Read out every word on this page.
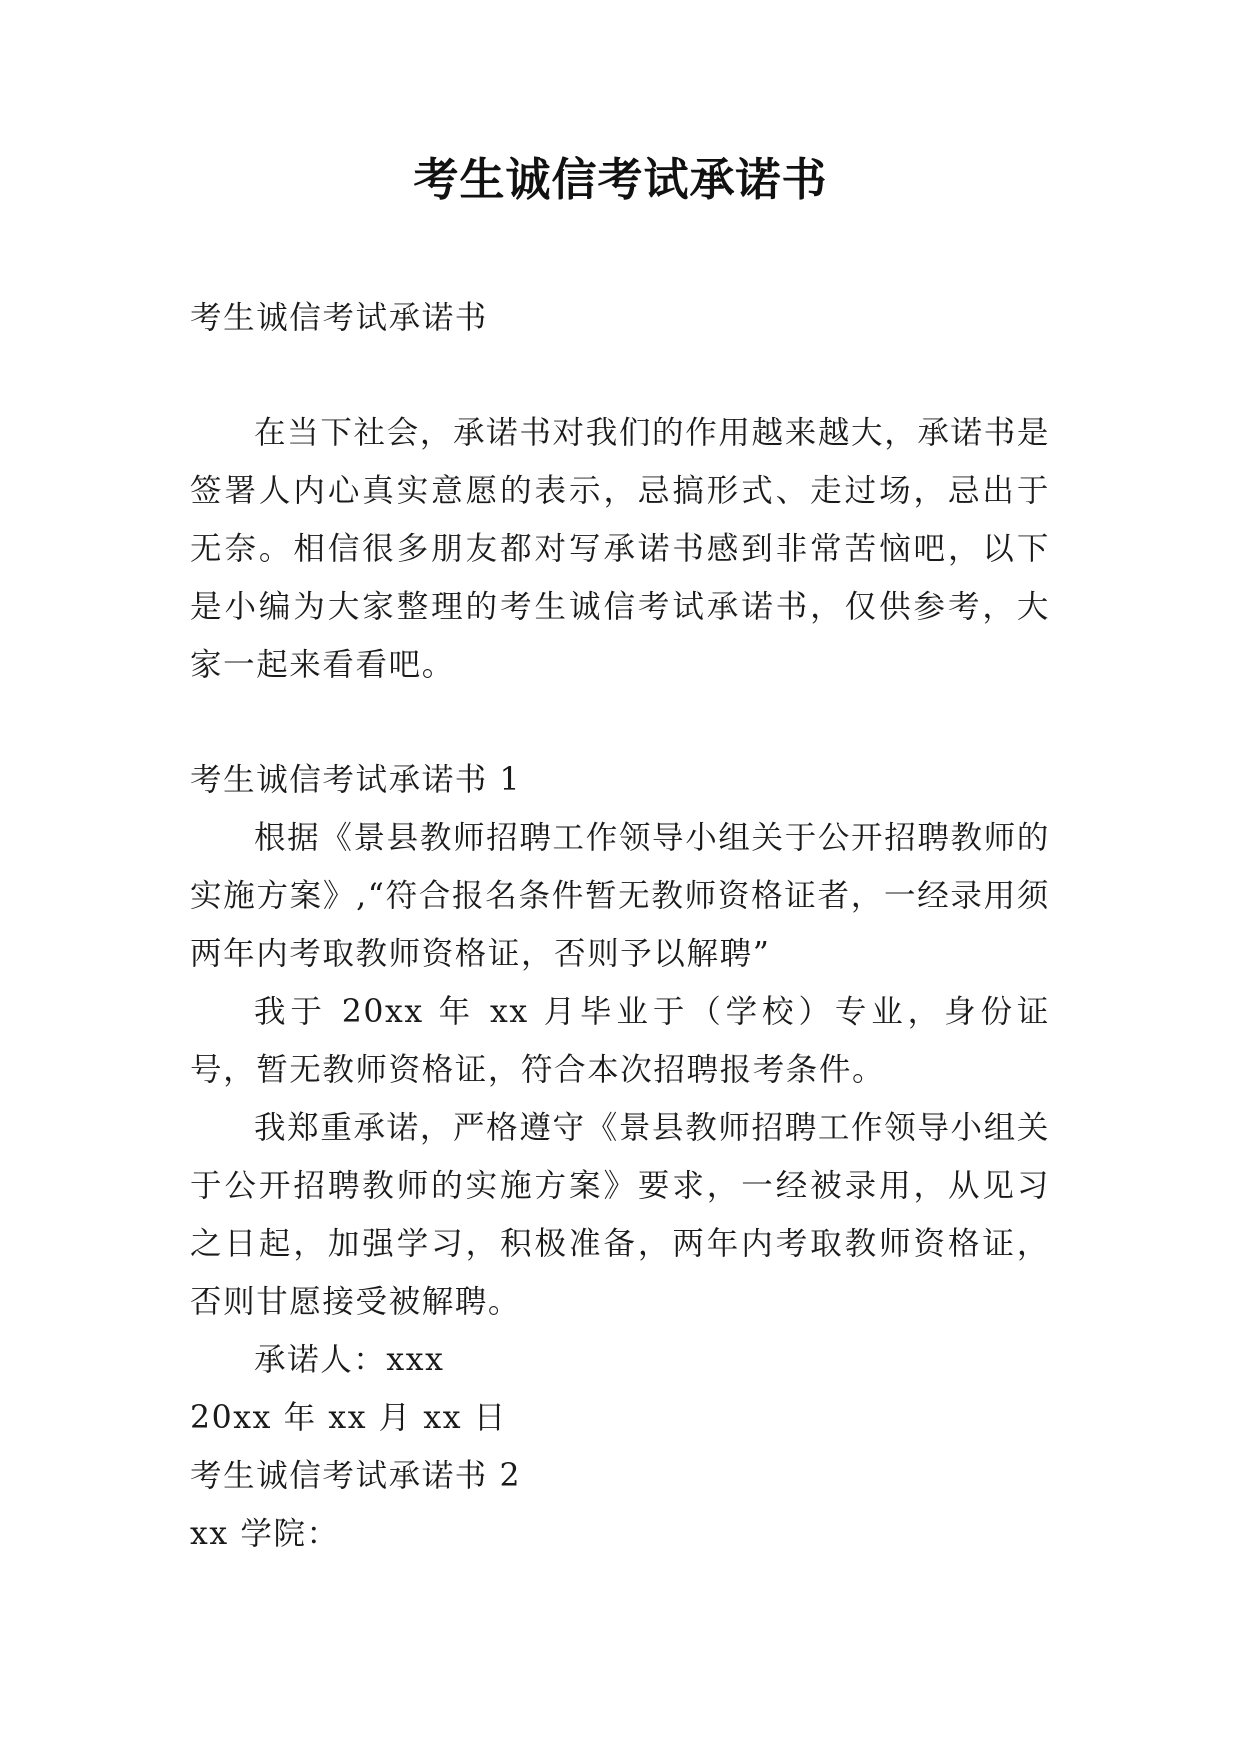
考生诚信考试承诺书

考生诚信考试承诺书

在当下社会，承诺书对我们的作用越来越大，承诺书是签署人内心真实意愿的表示，忌搞形式、走过场，忌出于无奈。相信很多朋友都对写承诺书感到非常苦恼吧，以下是小编为大家整理的考生诚信考试承诺书，仅供参考，大家一起来看看吧。

考生诚信考试承诺书 1

根据《景县教师招聘工作领导小组关于公开招聘教师的实施方案》,“符合报名条件暂无教师资格证者，一经录用须两年内考取教师资格证，否则予以解聘”

我于 20xx 年 xx 月毕业于（学校）专业，身份证号，暂无教师资格证，符合本次招聘报考条件。

我郑重承诺，严格遵守《景县教师招聘工作领导小组关于公开招聘教师的实施方案》要求，一经被录用，从见习之日起，加强学习，积极准备，两年内考取教师资格证，否则甘愿接受被解聘。

承诺人：xxx

20xx 年 xx 月 xx 日

考生诚信考试承诺书 2

xx 学院：
